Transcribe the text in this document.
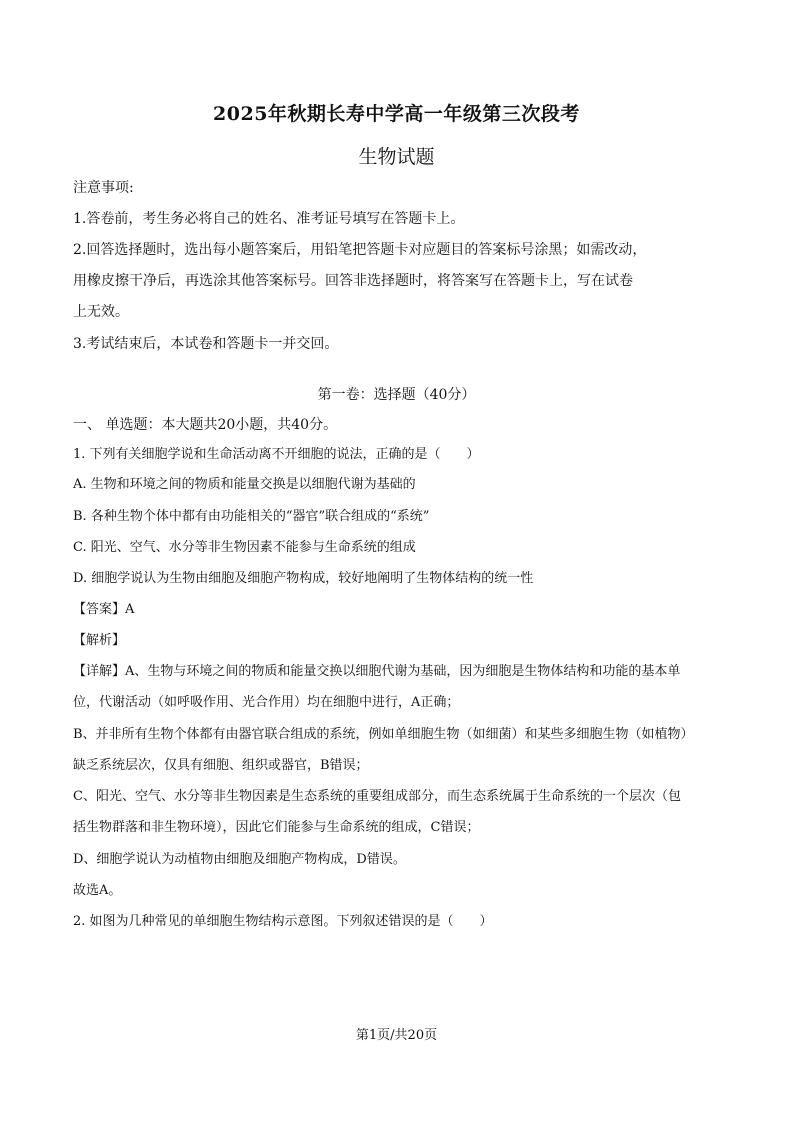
2025年秋期长寿中学高一年级第三次段考
生物试题
注意事项:
1.答卷前，考生务必将自己的姓名、准考证号填写在答题卡上。
2.回答选择题时，选出每小题答案后，用铅笔把答题卡对应题目的答案标号涂黑；如需改动，
用橡皮擦干净后，再选涂其他答案标号。回答非选择题时，将答案写在答题卡上，写在试卷
上无效。
3.考试结束后，本试卷和答题卡一并交回。
第一卷：选择题（40分）
一、 单选题：本大题共20小题，共40分。
1. 下列有关细胞学说和生命活动离不开细胞的说法，正确的是（　　）
A. 生物和环境之间的物质和能量交换是以细胞代谢为基础的
B. 各种生物个体中都有由功能相关的“器官”联合组成的“系统”
C. 阳光、空气、水分等非生物因素不能参与生命系统的组成
D. 细胞学说认为生物由细胞及细胞产物构成，较好地阐明了生物体结构的统一性
【答案】A
【解析】
【详解】A、生物与环境之间的物质和能量交换以细胞代谢为基础，因为细胞是生物体结构和功能的基本单
位，代谢活动（如呼吸作用、光合作用）均在细胞中进行，A正确；
B、并非所有生物个体都有由器官联合组成的系统，例如单细胞生物（如细菌）和某些多细胞生物（如植物）
缺乏系统层次，仅具有细胞、组织或器官，B错误；
C、阳光、空气、水分等非生物因素是生态系统的重要组成部分，而生态系统属于生命系统的一个层次（包
括生物群落和非生物环境），因此它们能参与生命系统的组成，C错误；
D、细胞学说认为动植物由细胞及细胞产物构成，D错误。
故选A。
2. 如图为几种常见的单细胞生物结构示意图。下列叙述错误的是（　　）
第1页/共20页
